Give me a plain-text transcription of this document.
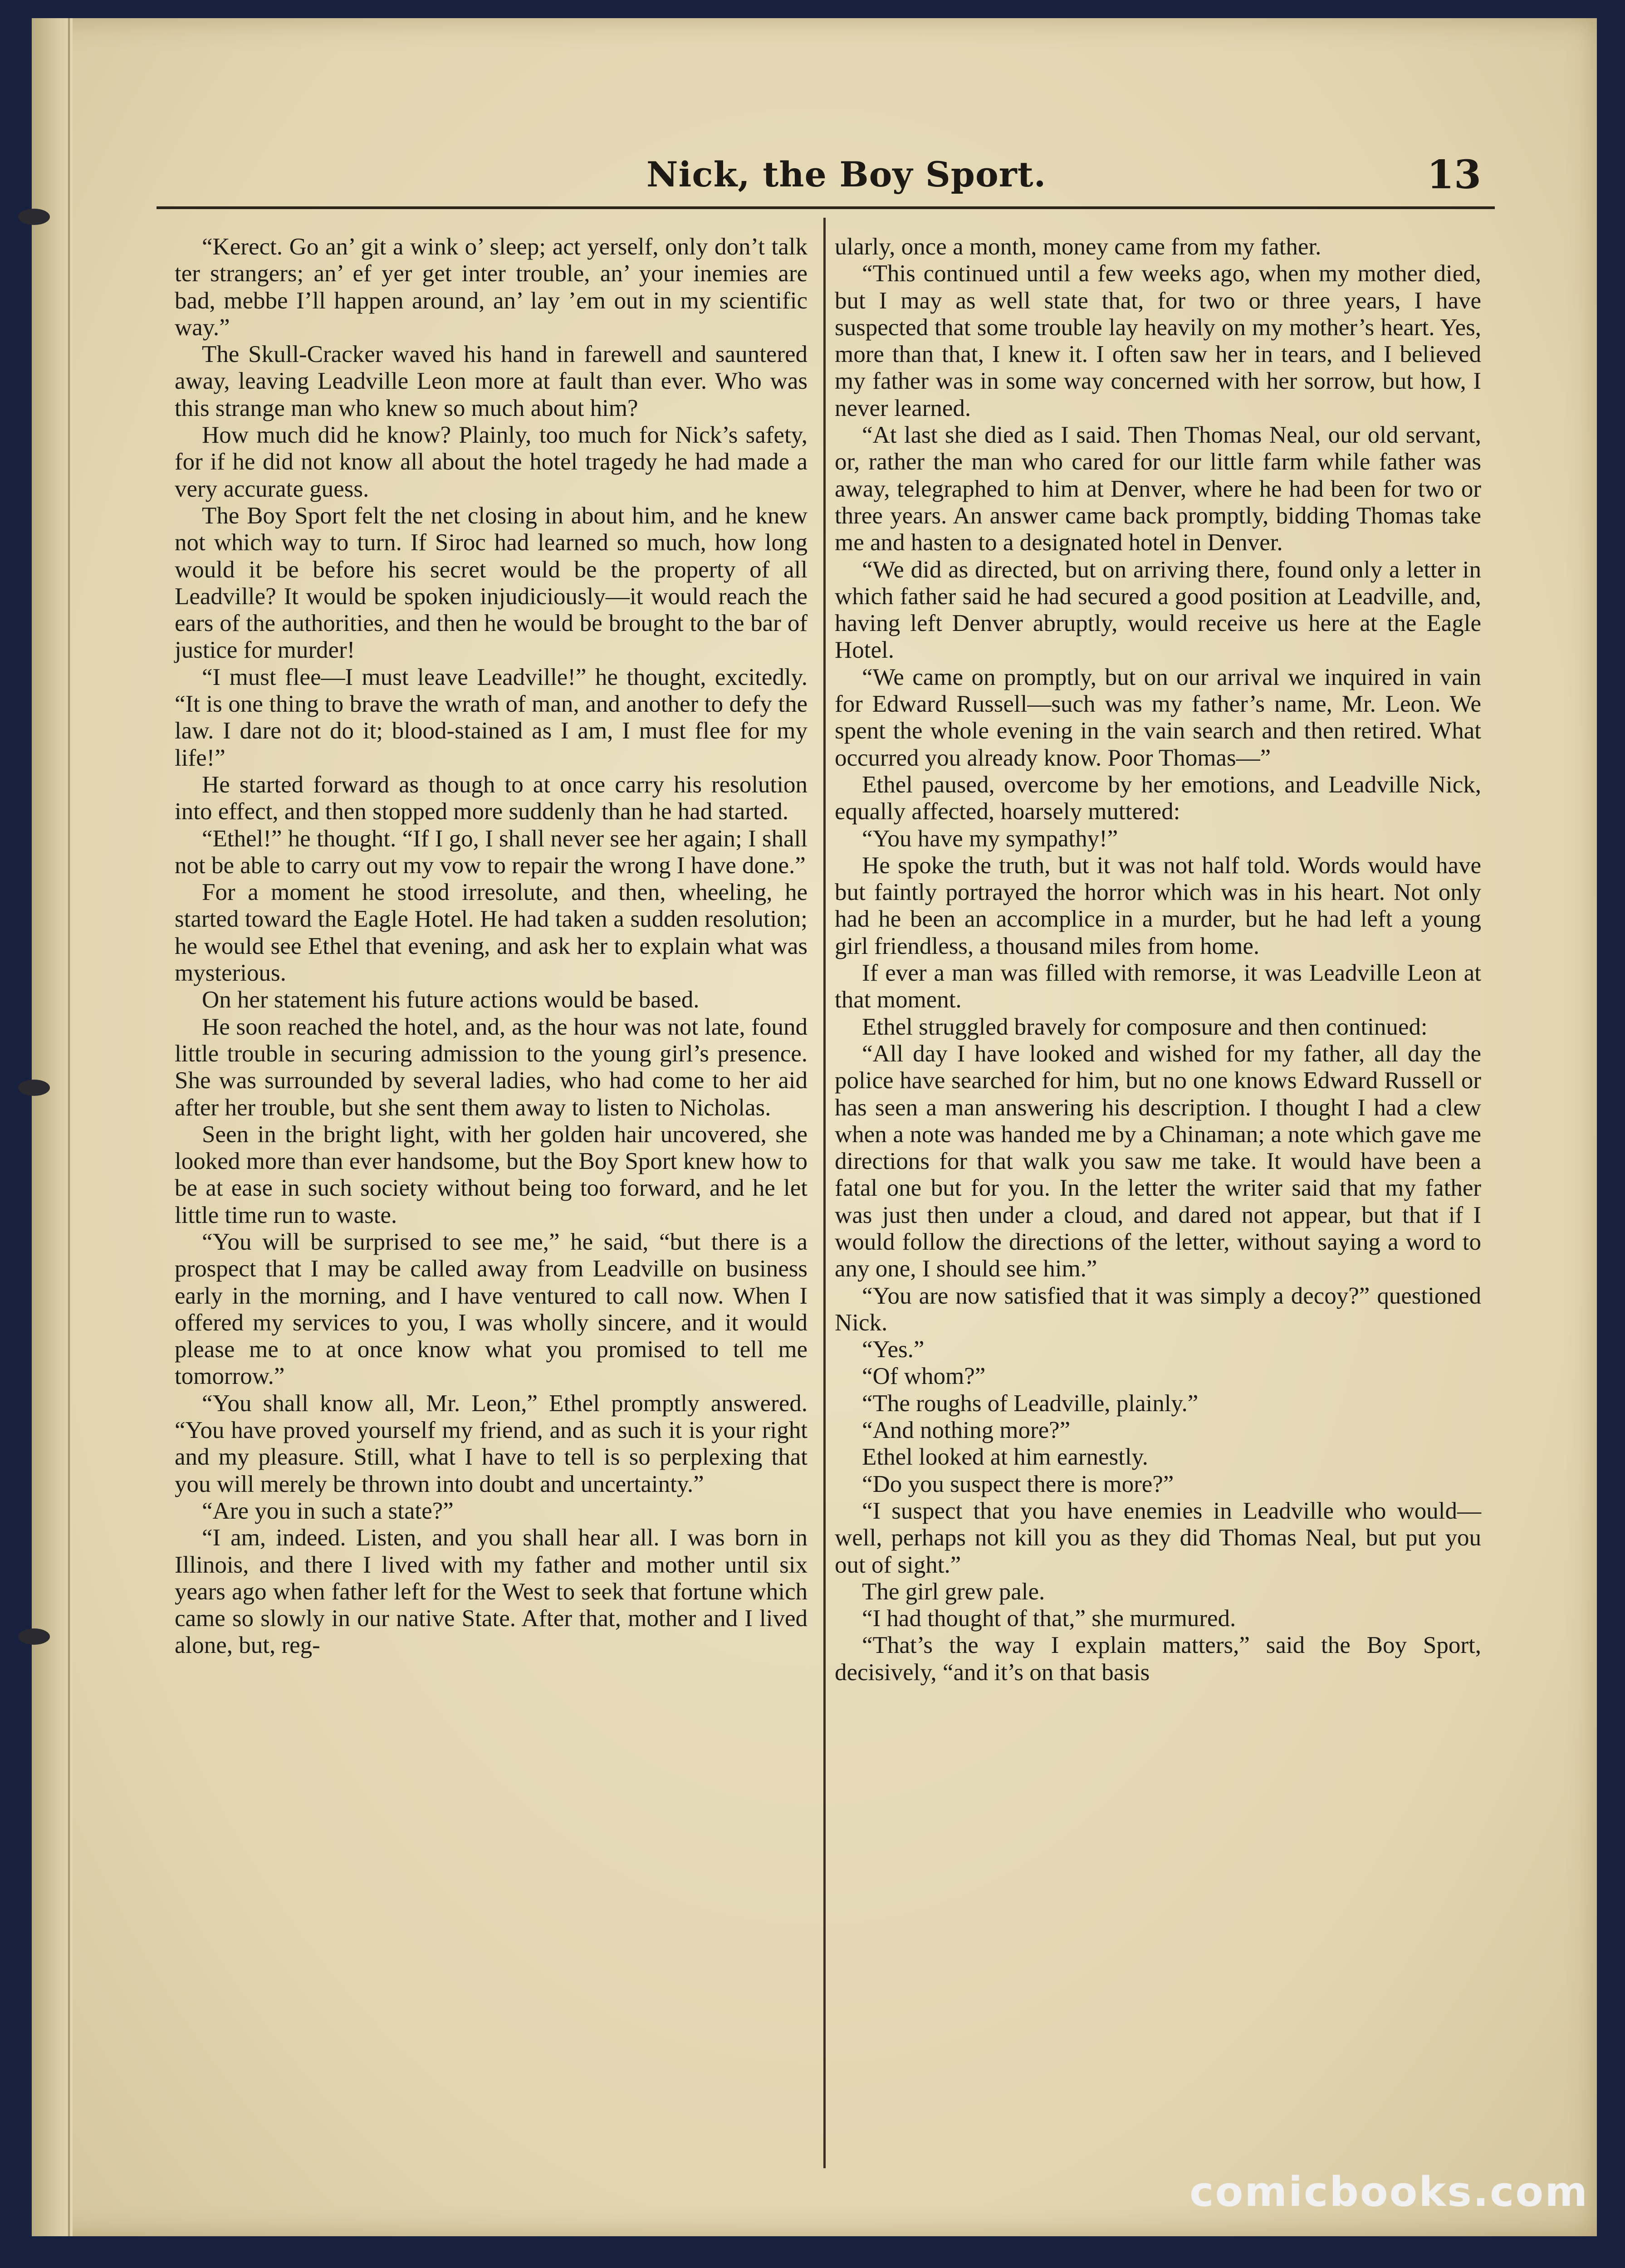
Nick, the Boy Sport.	13

“Kerect. Go an’ git a wink o’ sleep; act yerself, only don’t talk ter strangers; an’ ef yer get inter trouble, an’ your inemies are bad, mebbe I’ll happen around, an’ lay ’em out in my scientific way.”

The Skull-Cracker waved his hand in farewell and sauntered away, leaving Leadville Leon more at fault than ever. Who was this strange man who knew so much about him?

How much did he know? Plainly, too much for Nick’s safety, for if he did not know all about the hotel tragedy he had made a very accurate guess.

The Boy Sport felt the net closing in about him, and he knew not which way to turn. If Siroc had learned so much, how long would it be before his secret would be the property of all Leadville? It would be spoken injudiciously—it would reach the ears of the authorities, and then he would be brought to the bar of justice for murder!

“I must flee—I must leave Leadville!” he thought, excitedly. “It is one thing to brave the wrath of man, and another to defy the law. I dare not do it; blood-stained as I am, I must flee for my life!”

He started forward as though to at once carry his resolution into effect, and then stopped more suddenly than he had started.

“Ethel!” he thought. “If I go, I shall never see her again; I shall not be able to carry out my vow to repair the wrong I have done.”

For a moment he stood irresolute, and then, wheeling, he started toward the Eagle Hotel. He had taken a sudden resolution; he would see Ethel that evening, and ask her to explain what was mysterious.

On her statement his future actions would be based.

He soon reached the hotel, and, as the hour was not late, found little trouble in securing admission to the young girl’s presence. She was surrounded by several ladies, who had come to her aid after her trouble, but she sent them away to listen to Nicholas.

Seen in the bright light, with her golden hair uncovered, she looked more than ever handsome, but the Boy Sport knew how to be at ease in such society without being too forward, and he let little time run to waste.

“You will be surprised to see me,” he said, “but there is a prospect that I may be called away from Leadville on business early in the morning, and I have ventured to call now. When I offered my services to you, I was wholly sincere, and it would please me to at once know what you promised to tell me tomorrow.”

“You shall know all, Mr. Leon,” Ethel promptly answered. “You have proved yourself my friend, and as such it is your right and my pleasure. Still, what I have to tell is so perplexing that you will merely be thrown into doubt and uncertainty.”

“Are you in such a state?”

“I am, indeed. Listen, and you shall hear all. I was born in Illinois, and there I lived with my father and mother until six years ago when father left for the West to seek that fortune which came so slowly in our native State. After that, mother and I lived alone, but, reg-

ularly, once a month, money came from my father.

“This continued until a few weeks ago, when my mother died, but I may as well state that, for two or three years, I have suspected that some trouble lay heavily on my mother’s heart. Yes, more than that, I knew it. I often saw her in tears, and I believed my father was in some way concerned with her sorrow, but how, I never learned.

“At last she died as I said. Then Thomas Neal, our old servant, or, rather the man who cared for our little farm while father was away, telegraphed to him at Denver, where he had been for two or three years. An answer came back promptly, bidding Thomas take me and hasten to a designated hotel in Denver.

“We did as directed, but on arriving there, found only a letter in which father said he had secured a good position at Leadville, and, having left Denver abruptly, would receive us here at the Eagle Hotel.

“We came on promptly, but on our arrival we inquired in vain for Edward Russell—such was my father’s name, Mr. Leon. We spent the whole evening in the vain search and then retired. What occurred you already know. Poor Thomas—”

Ethel paused, overcome by her emotions, and Leadville Nick, equally affected, hoarsely muttered:

“You have my sympathy!”

He spoke the truth, but it was not half told. Words would have but faintly portrayed the horror which was in his heart. Not only had he been an accomplice in a murder, but he had left a young girl friendless, a thousand miles from home.

If ever a man was filled with remorse, it was Leadville Leon at that moment.

Ethel struggled bravely for composure and then continued:

“All day I have looked and wished for my father, all day the police have searched for him, but no one knows Edward Russell or has seen a man answering his description. I thought I had a clew when a note was handed me by a Chinaman; a note which gave me directions for that walk you saw me take. It would have been a fatal one but for you. In the letter the writer said that my father was just then under a cloud, and dared not appear, but that if I would follow the directions of the letter, without saying a word to any one, I should see him.”

“You are now satisfied that it was simply a decoy?” questioned Nick.

“Yes.”

“Of whom?”

“The roughs of Leadville, plainly.”

“And nothing more?”

Ethel looked at him earnestly.

“Do you suspect there is more?”

“I suspect that you have enemies in Leadville who would—well, perhaps not kill you as they did Thomas Neal, but put you out of sight.”

The girl grew pale.

“I had thought of that,” she murmured.

“That’s the way I explain matters,” said the Boy Sport, decisively, “and it’s on that basis

comicbooks.com
